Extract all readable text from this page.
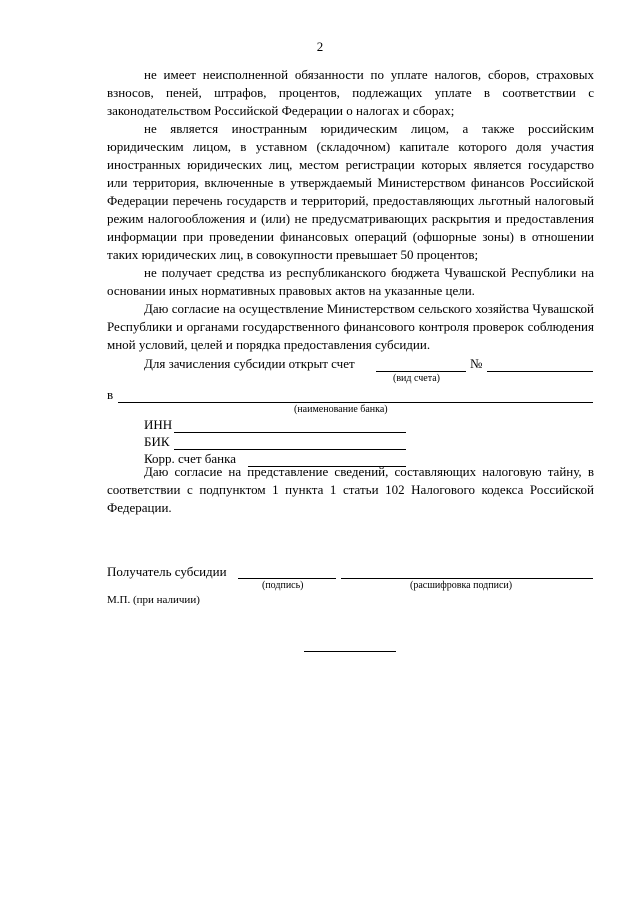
2

не имеет неисполненной обязанности по уплате налогов, сборов, страховых взносов, пеней, штрафов, процентов, подлежащих уплате в соответствии с законодательством Российской Федерации о налогах и сборах;

не является иностранным юридическим лицом, а также российским юридическим лицом, в уставном (складочном) капитале которого доля участия иностранных юридических лиц, местом регистрации которых является государство или территория, включенные в утверждаемый Министерством финансов Российской Федерации перечень государств и территорий, предоставляющих льготный налоговый режим налогообложения и (или) не предусматривающих раскрытия и предоставления информации при проведении финансовых операций (офшорные зоны) в отношении таких юридических лиц, в совокупности превышает 50 процентов;

не получает средства из республиканского бюджета Чувашской Республики на основании иных нормативных правовых актов на указанные цели.

Даю согласие на осуществление Министерством сельского хозяйства Чувашской Республики и органами государственного финансового контроля проверок соблюдения мной условий, целей и порядка предоставления субсидии.

Для зачисления субсидии открыт счет	№
(вид счета)
в
(наименование банка)
ИНН
БИК
Корр. счет банка

Даю согласие на представление сведений, составляющих налоговую тайну, в соответствии с подпунктом 1 пункта 1 статьи 102 Налогового кодекса Российской Федерации.

Получатель субсидии
(подпись)	(расшифровка подписи)
М.П. (при наличии)
